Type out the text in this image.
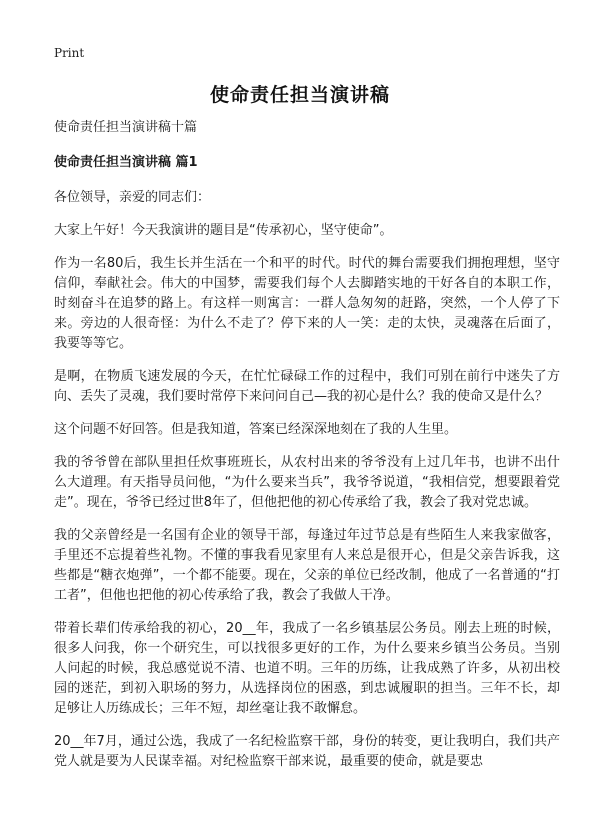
Print
使命责任担当演讲稿

使命责任担当演讲稿十篇

使命责任担当演讲稿 篇1

各位领导，亲爱的同志们：

大家上午好！今天我演讲的题目是“传承初心，坚守使命”。

作为一名80后，我生长并生活在一个和平的时代。时代的舞台需要我们拥抱理想，坚守信仰，奉献社会。伟大的中国梦，需要我们每个人去脚踏实地的干好各自的本职工作，时刻奋斗在追梦的路上。有这样一则寓言：一群人急匆匆的赶路，突然，一个人停了下来。旁边的人很奇怪：为什么不走了？停下来的人一笑：走的太快，灵魂落在后面了，我要等等它。

是啊，在物质飞速发展的今天，在忙忙碌碌工作的过程中，我们可别在前行中迷失了方向、丢失了灵魂，我们要时常停下来问问自己—我的初心是什么？我的使命又是什么？

这个问题不好回答。但是我知道，答案已经深深地刻在了我的人生里。

我的爷爷曾在部队里担任炊事班班长，从农村出来的爷爷没有上过几年书，也讲不出什么大道理。有天指导员问他，“为什么要来当兵”，我爷爷说道，“我相信党，想要跟着党走”。现在，爷爷已经过世8年了，但他把他的初心传承给了我，教会了我对党忠诚。

我的父亲曾经是一名国有企业的领导干部，每逢过年过节总是有些陌生人来我家做客，手里还不忘提着些礼物。不懂的事我看见家里有人来总是很开心，但是父亲告诉我，这些都是“糖衣炮弹”，一个都不能要。现在，父亲的单位已经改制，他成了一名普通的“打工者”，但他也把他的初心传承给了我，教会了我做人干净。

带着长辈们传承给我的初心，20__年，我成了一名乡镇基层公务员。刚去上班的时候，很多人问我，你一个研究生，可以找很多更好的工作，为什么要来乡镇当公务员。当别人问起的时候，我总感觉说不清、也道不明。三年的历练，让我成熟了许多，从初出校园的迷茫，到初入职场的努力，从选择岗位的困惑，到忠诚履职的担当。三年不长，却足够让人历练成长；三年不短，却丝毫让我不敢懈怠。

20__年7月，通过公选，我成了一名纪检监察干部，身份的转变，更让我明白，我们共产党人就是要为人民谋幸福。对纪检监察干部来说，最重要的使命，就是要忠
